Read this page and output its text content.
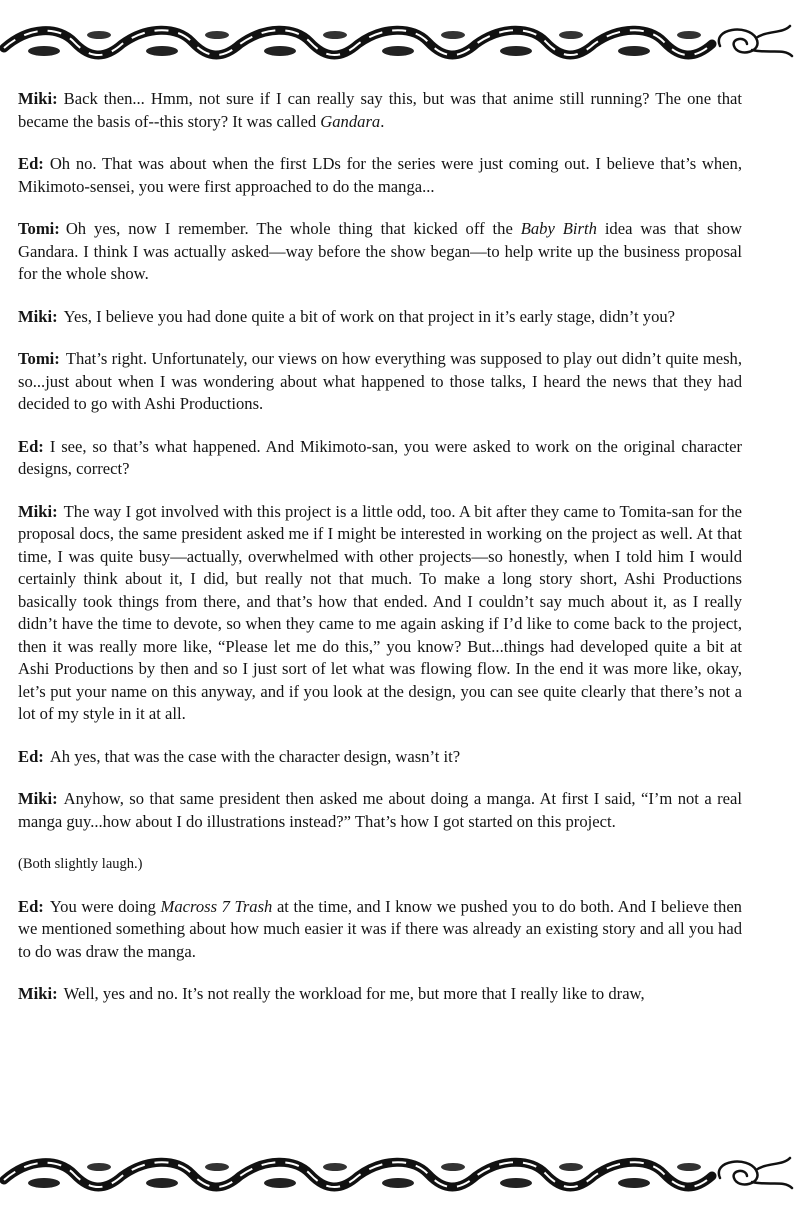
Miki: Back then... Hmm, not sure if I can really say this, but was that anime still running? The one that became the basis of--this story? It was called Gandara.

Ed: Oh no. That was about when the first LDs for the series were just coming out. I believe that’s when, Mikimoto-sensei, you were first approached to do the manga...

Tomi: Oh yes, now I remember. The whole thing that kicked off the Baby Birth idea was that show Gandara. I think I was actually asked—way before the show began—to help write up the business proposal for the whole show.

Miki: Yes, I believe you had done quite a bit of work on that project in it’s early stage, didn’t you?

Tomi: That’s right. Unfortunately, our views on how everything was supposed to play out didn’t quite mesh, so...just about when I was wondering about what happened to those talks, I heard the news that they had decided to go with Ashi Productions.

Ed: I see, so that’s what happened. And Mikimoto-san, you were asked to work on the original character designs, correct?

Miki: The way I got involved with this project is a little odd, too. A bit after they came to Tomita-san for the proposal docs, the same president asked me if I might be interested in working on the project as well. At that time, I was quite busy—actually, overwhelmed with other projects—so honestly, when I told him I would certainly think about it, I did, but really not that much. To make a long story short, Ashi Productions basically took things from there, and that’s how that ended. And I couldn’t say much about it, as I really didn’t have the time to devote, so when they came to me again asking if I’d like to come back to the project, then it was really more like, “Please let me do this,” you know? But...things had developed quite a bit at Ashi Productions by then and so I just sort of let what was flowing flow. In the end it was more like, okay, let’s put your name on this anyway, and if you look at the design, you can see quite clearly that there’s not a lot of my style in it at all.

Ed: Ah yes, that was the case with the character design, wasn’t it?

Miki: Anyhow, so that same president then asked me about doing a manga. At first I said, “I’m not a real manga guy...how about I do illustrations instead?” That’s how I got started on this project.

(Both slightly laugh.)

Ed: You were doing Macross 7 Trash at the time, and I know we pushed you to do both. And I believe then we mentioned something about how much easier it was if there was already an existing story and all you had to do was draw the manga.

Miki: Well, yes and no. It’s not really the workload for me, but more that I really like to draw,
